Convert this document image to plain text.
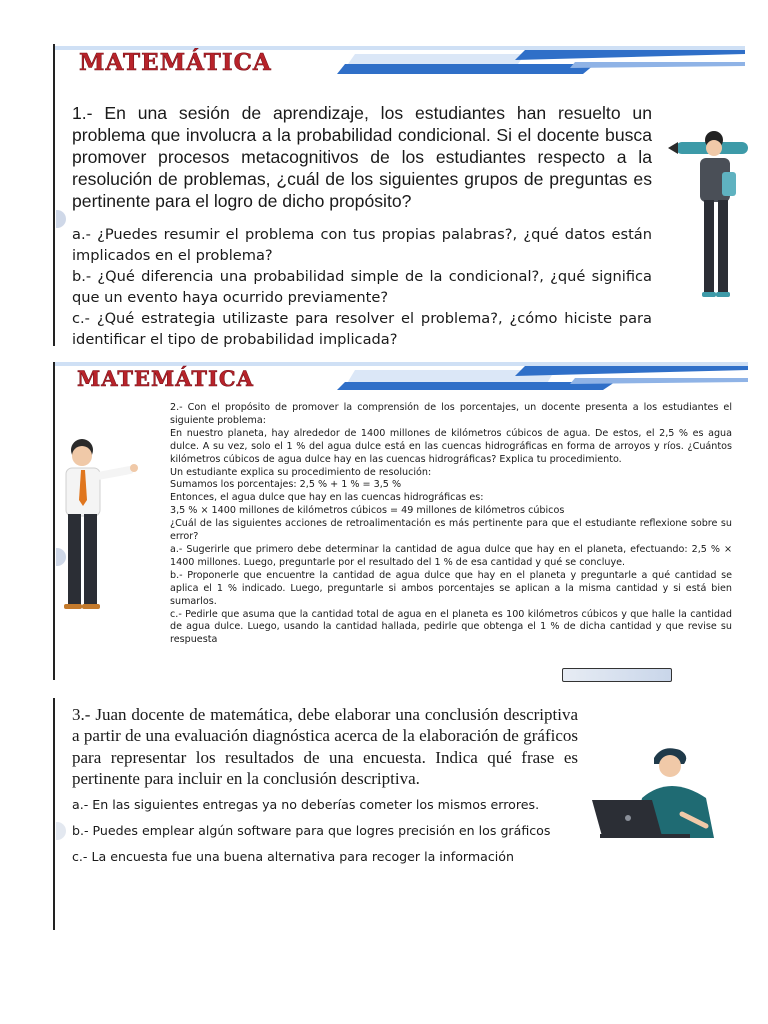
MATEMÁTICA

1.- En una sesión de aprendizaje, los estudiantes han resuelto un problema que involucra a la probabilidad condicional. Si el docente busca promover procesos metacognitivos de los estudiantes respecto a la resolución de problemas, ¿cuál de los siguientes grupos de preguntas es pertinente para el logro de dicho propósito?

a.- ¿Puedes resumir el problema con tus propias palabras?, ¿qué datos están implicados en el problema?

b.- ¿Qué diferencia una probabilidad simple de la condicional?, ¿qué significa que un evento haya ocurrido previamente?

c.- ¿Qué estrategia utilizaste para resolver el problema?, ¿cómo hiciste para identificar el tipo de probabilidad implicada?

MATEMÁTICA

2.- Con el propósito de promover la comprensión de los porcentajes, un docente presenta a los estudiantes el siguiente problema:

En nuestro planeta, hay alrededor de 1400 millones de kilómetros cúbicos de agua. De estos, el 2,5 % es agua dulce. A su vez, solo el 1 % del agua dulce está en las cuencas hidrográficas en forma de arroyos y ríos. ¿Cuántos kilómetros cúbicos de agua dulce hay en las cuencas hidrográficas? Explica tu procedimiento.

Un estudiante explica su procedimiento de resolución:

Sumamos los porcentajes: 2,5 % + 1 % = 3,5 %

Entonces, el agua dulce que hay en las cuencas hidrográficas es:

3,5 % × 1400 millones de kilómetros cúbicos = 49 millones de kilómetros cúbicos

¿Cuál de las siguientes acciones de retroalimentación es más pertinente para que el estudiante reflexione sobre su error?

a.- Sugerirle que primero debe determinar la cantidad de agua dulce que hay en el planeta, efectuando: 2,5 % × 1400 millones. Luego, preguntarle por el resultado del 1 % de esa cantidad y qué se concluye.

b.- Proponerle que encuentre la cantidad de agua dulce que hay en el planeta y preguntarle a qué cantidad se aplica el 1 % indicado. Luego, preguntarle si ambos porcentajes se aplican a la misma cantidad y si está bien sumarlos.

c.- Pedirle que asuma que la cantidad total de agua en el planeta es 100 kilómetros cúbicos y que halle la cantidad de agua dulce. Luego, usando la cantidad hallada, pedirle que obtenga el 1 % de dicha cantidad y que revise su respuesta

3.- Juan docente de matemática, debe elaborar una conclusión descriptiva a partir de una evaluación diagnóstica acerca de la elaboración de gráficos para representar los resultados de una encuesta. Indica qué frase es pertinente para incluir en la conclusión descriptiva.

a.- En las siguientes entregas ya no deberías cometer los mismos errores.

b.- Puedes emplear algún software para que logres precisión en los gráficos

c.- La encuesta fue una buena alternativa para recoger la información
